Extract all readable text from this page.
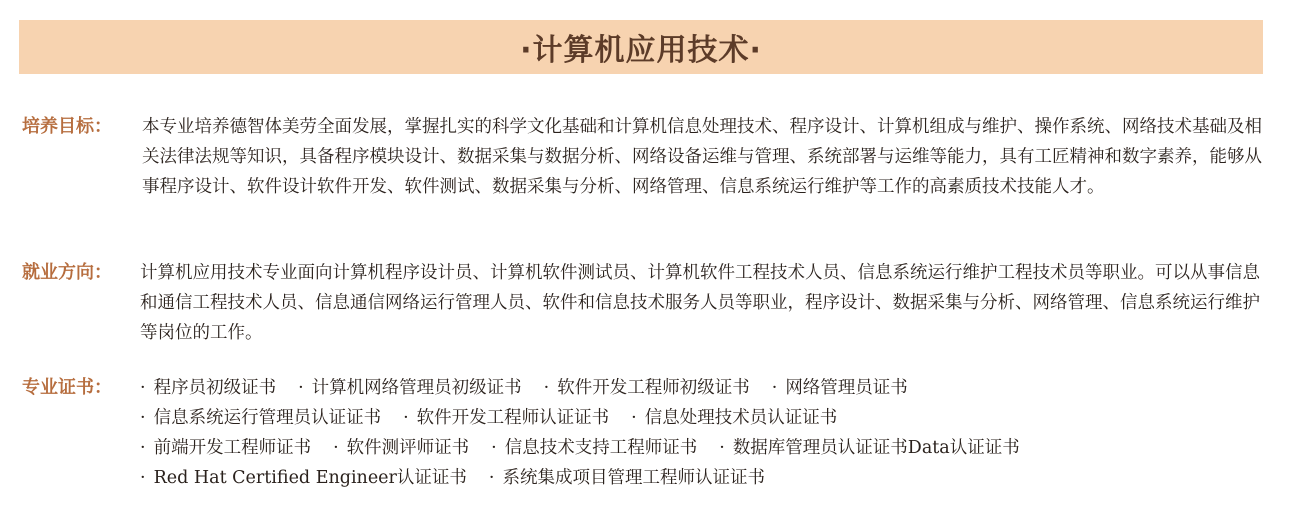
·计算机应用技术·
培养目标：	本专业培养德智体美劳全面发展，掌握扎实的科学文化基础和计算机信息处理技术、程序设计、计算机组成与维护、操作系统、网络技术基础及相关法律法规等知识，具备程序模块设计、数据采集与数据分析、网络设备运维与管理、系统部署与运维等能力，具有工匠精神和数字素养，能够从事程序设计、软件设计软件开发、软件测试、数据采集与分析、网络管理、信息系统运行维护等工作的高素质技术技能人才。
就业方向：	计算机应用技术专业面向计算机程序设计员、计算机软件测试员、计算机软件工程技术人员、信息系统运行维护工程技术员等职业。可以从事信息和通信工程技术人员、信息通信网络运行管理人员、软件和信息技术服务人员等职业，程序设计、数据采集与分析、网络管理、信息系统运行维护等岗位的工作。
专业证书：	· 程序员初级证书	· 计算机网络管理员初级证书	· 软件开发工程师初级证书	· 网络管理员证书
· 信息系统运行管理员认证证书	· 软件开发工程师认证证书	· 信息处理技术员认证证书
· 前端开发工程师证书	· 软件测评师证书	· 信息技术支持工程师证书	· 数据库管理员认证证书Data认证证书
· Red Hat Certified Engineer认证证书	· 系统集成项目管理工程师认证证书
